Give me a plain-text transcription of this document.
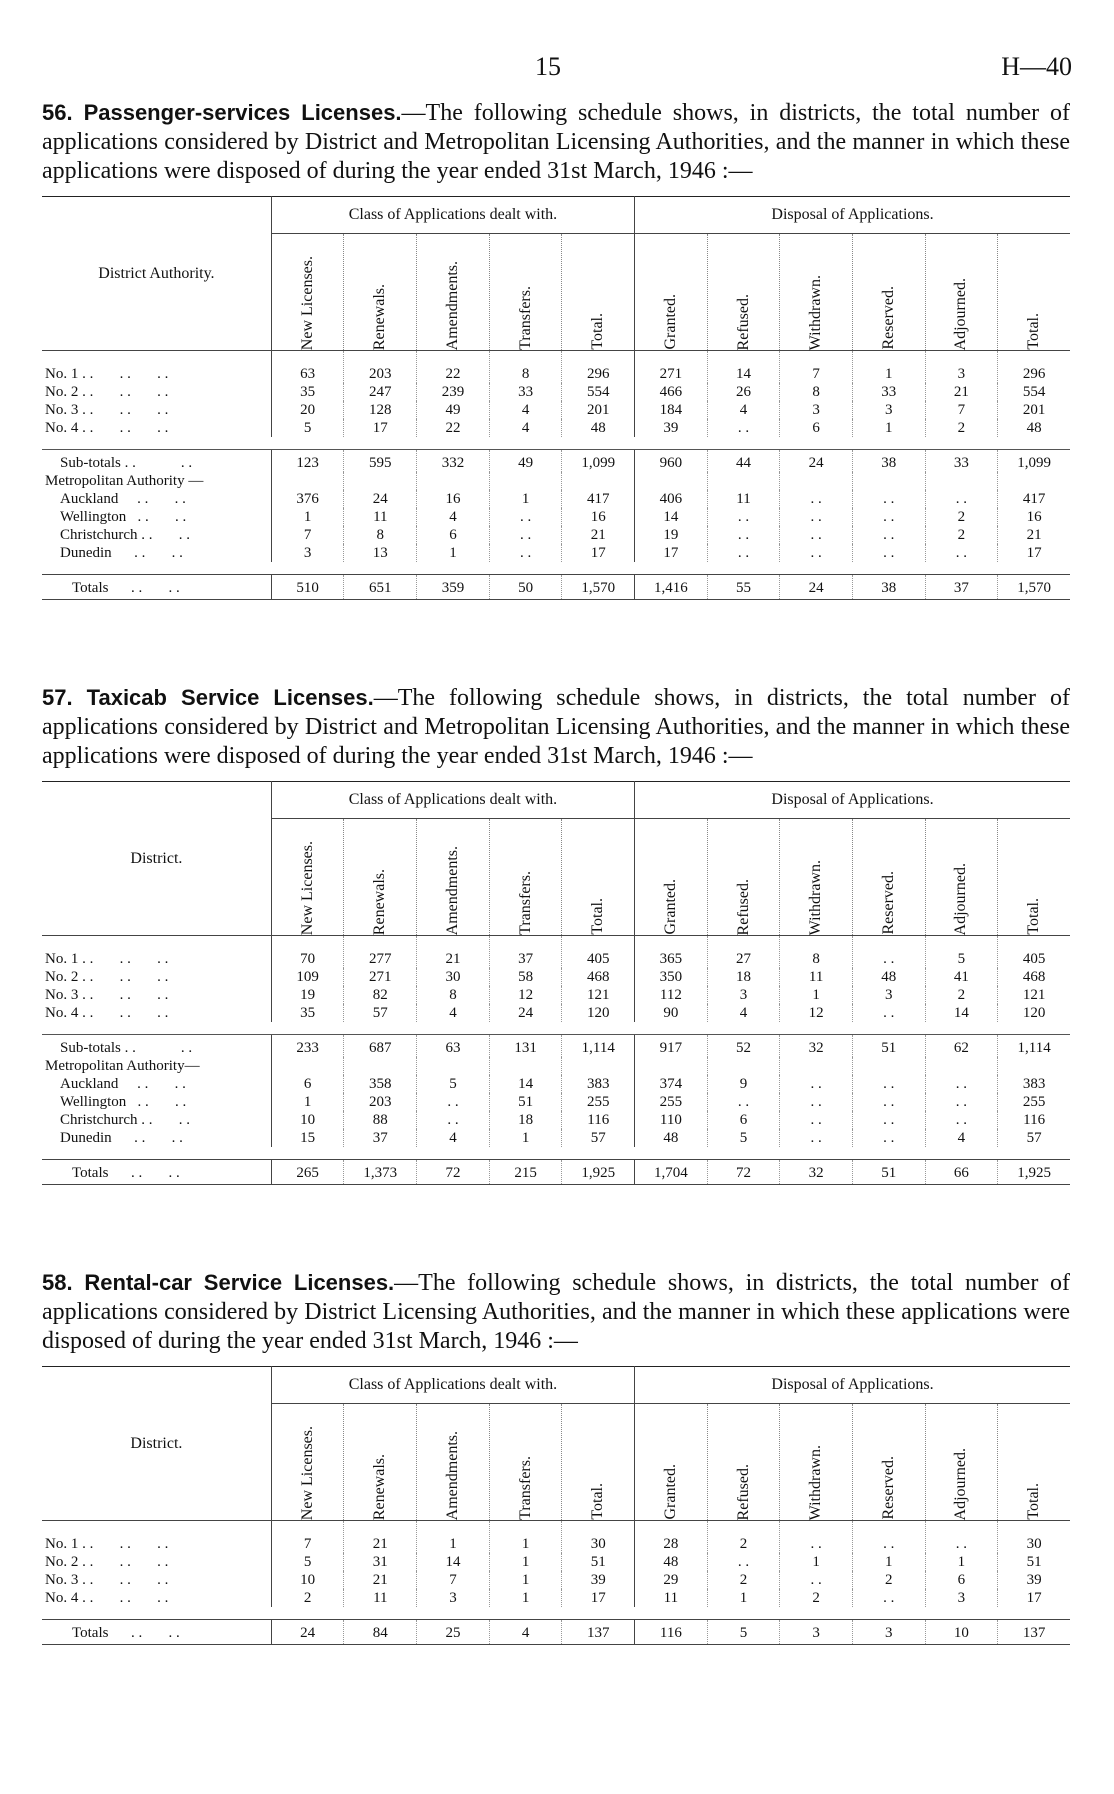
15	H—40

56. Passenger-services Licenses.—The following schedule shows, in districts, the total number of applications considered by District and Metropolitan Licensing Authorities, and the manner in which these applications were disposed of during the year ended 31st March, 1946 :—

District Authority.	Class of Applications dealt with.					Disposal of Applications.					

	New Licenses.	Renewals.	Amendments.	Transfers.	Total.	Granted.	Refused.	Withdrawn.	Reserved.	Adjourned.	Total.

No. 1 . .       . .       . .	63	203	22	8	296	271	14	7	1	3	296
No. 2 . .       . .       . .	35	247	239	33	554	466	26	8	33	21	554
No. 3 . .       . .       . .	20	128	49	4	201	184	4	3	3	7	201
No. 4 . .       . .       . .	5	17	22	4	48	39	. .	6	1	2	48

Sub-totals . .            . .	123	595	332	49	1,099	960	44	24	38	33	1,099
Metropolitan Authority —											
Auckland     . .       . .	376	24	16	1	417	406	11	. .	. .	. .	417
Wellington   . .       . .	1	11	4	. .	16	14	. .	. .	. .	2	16
Christchurch . .       . .	7	8	6	. .	21	19	. .	. .	. .	2	21
Dunedin      . .       . .	3	13	1	. .	17	17	. .	. .	. .	. .	17

Totals      . .       . .	510	651	359	50	1,570	1,416	55	24	38	37	1,570

57. Taxicab Service Licenses.—The following schedule shows, in districts, the total number of applications considered by District and Metropolitan Licensing Authorities, and the manner in which these applications were disposed of during the year ended 31st March, 1946 :—

District.	Class of Applications dealt with.					Disposal of Applications.					

	New Licenses.	Renewals.	Amendments.	Transfers.	Total.	Granted.	Refused.	Withdrawn.	Reserved.	Adjourned.	Total.

No. 1 . .       . .       . .	70	277	21	37	405	365	27	8	. .	5	405
No. 2 . .       . .       . .	109	271	30	58	468	350	18	11	48	41	468
No. 3 . .       . .       . .	19	82	8	12	121	112	3	1	3	2	121
No. 4 . .       . .       . .	35	57	4	24	120	90	4	12	. .	14	120

Sub-totals . .            . .	233	687	63	131	1,114	917	52	32	51	62	1,114
Metropolitan Authority—											
Auckland     . .       . .	6	358	5	14	383	374	9	. .	. .	. .	383
Wellington   . .       . .	1	203	. .	51	255	255	. .	. .	. .	. .	255
Christchurch . .       . .	10	88	. .	18	116	110	6	. .	. .	. .	116
Dunedin      . .       . .	15	37	4	1	57	48	5	. .	. .	4	57

Totals      . .       . .	265	1,373	72	215	1,925	1,704	72	32	51	66	1,925

58. Rental-car Service Licenses.—The following schedule shows, in districts, the total number of applications considered by District Licensing Authorities, and the manner in which these applications were disposed of during the year ended 31st March, 1946 :—

District.	Class of Applications dealt with.					Disposal of Applications.					

	New Licenses.	Renewals.	Amendments.	Transfers.	Total.	Granted.	Refused.	Withdrawn.	Reserved.	Adjourned.	Total.

No. 1 . .       . .       . .	7	21	1	1	30	28	2	. .	. .	. .	30
No. 2 . .       . .       . .	5	31	14	1	51	48	. .	1	1	1	51
No. 3 . .       . .       . .	10	21	7	1	39	29	2	. .	2	6	39
No. 4 . .       . .       . .	2	11	3	1	17	11	1	2	. .	3	17

Totals      . .       . .	24	84	25	4	137	116	5	3	3	10	137
